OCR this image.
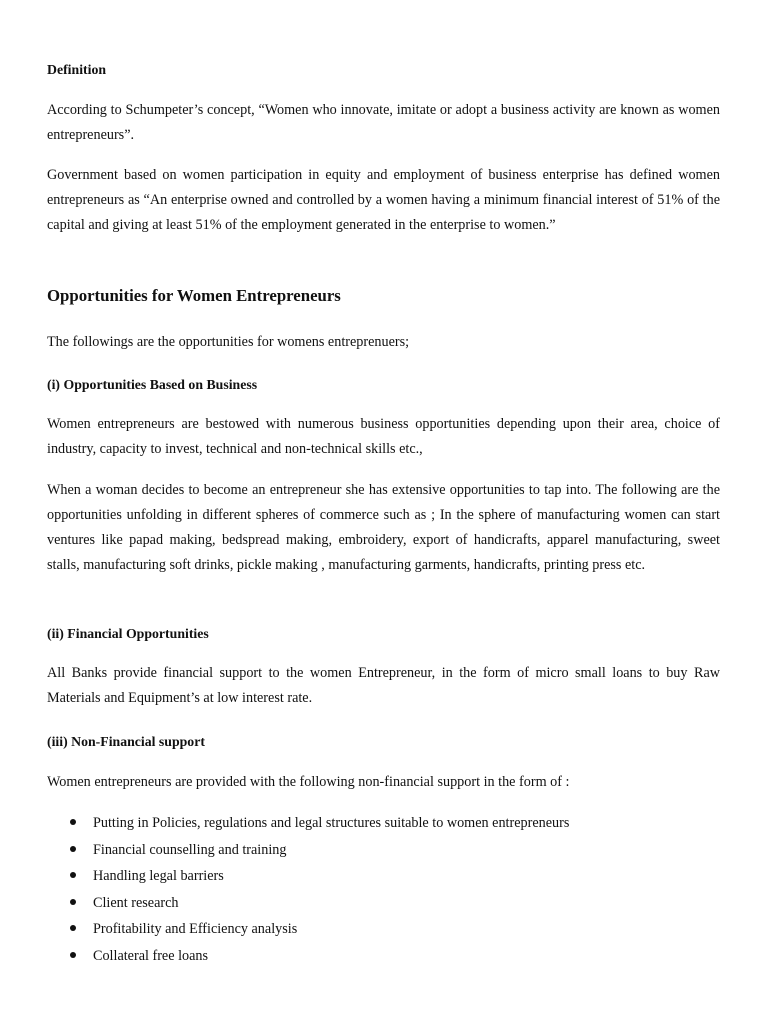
Definition

According to Schumpeter’s concept, “Women who innovate, imitate or adopt a business activity are known as women entrepreneurs”.

Government based on women participation in equity and employment of business enterprise has defined women entrepreneurs as “An enterprise owned and controlled by a women having a minimum financial interest of 51% of the capital and giving at least 51% of the employment generated in the enterprise to women.”

Opportunities for Women Entrepreneurs

The followings are the opportunities for womens entreprenuers;

(i) Opportunities Based on Business

Women entrepreneurs are bestowed with numerous business opportunities depending upon their area, choice of industry, capacity to invest, technical and non-technical skills etc.,

When a woman decides to become an entrepreneur she has extensive opportunities to tap into. The following are the opportunities unfolding in different spheres of commerce such as ; In the sphere of manufacturing women can start ventures like papad making, bedspread making, embroidery, export of handicrafts, apparel manufacturing, sweet stalls, manufacturing soft drinks, pickle making , manufacturing garments, handicrafts, printing press etc.

(ii) Financial Opportunities

All Banks provide financial support to the women Entrepreneur, in the form of micro small loans to buy Raw Materials and Equipment’s at low interest rate.

(iii) Non-Financial support

Women entrepreneurs are provided with the following non-financial support in the form of :

Putting in Policies, regulations and legal structures suitable to women entrepreneurs
Financial counselling and training
Handling legal barriers
Client research
Profitability and Efficiency analysis
Collateral free loans
